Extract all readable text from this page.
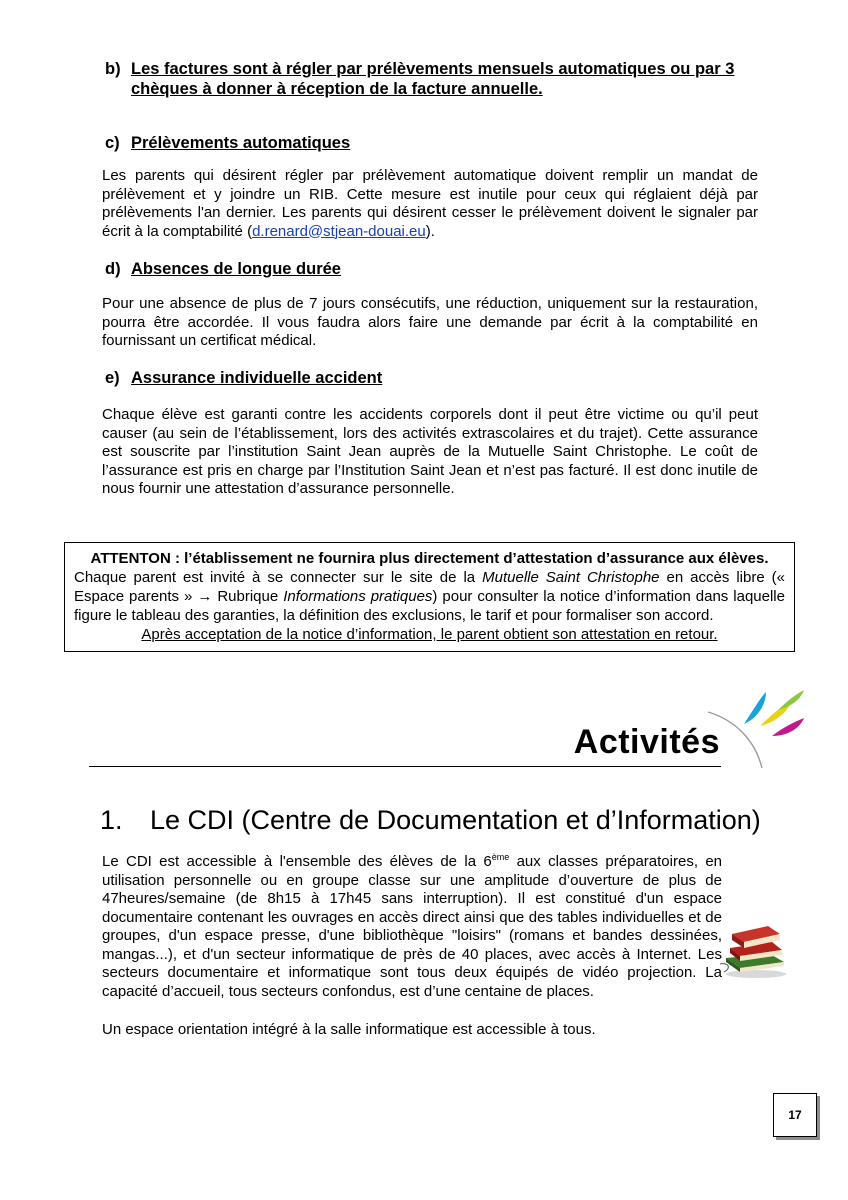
b) Les factures sont à régler par prélèvements mensuels automatiques ou par 3
chèques à donner à réception de la facture annuelle.
c) Prélèvements automatiques
Les parents qui désirent régler par prélèvement automatique doivent remplir un mandat de prélèvement et y joindre un RIB. Cette mesure est inutile pour ceux qui réglaient déjà par prélèvements l'an dernier. Les parents qui désirent cesser le prélèvement doivent le signaler par écrit à la comptabilité (d.renard@stjean-douai.eu).
d) Absences de longue durée
Pour une absence de plus de 7 jours consécutifs, une réduction, uniquement sur la restauration, pourra être accordée. Il vous faudra alors faire une demande par écrit à la comptabilité en fournissant un certificat médical.
e) Assurance individuelle accident
Chaque élève est garanti contre les accidents corporels dont il peut être victime ou qu’il peut causer (au sein de l’établissement, lors des activités extrascolaires et du trajet). Cette assurance est souscrite par l’institution Saint Jean auprès de la Mutuelle Saint Christophe. Le coût de l’assurance est pris en charge par l’Institution Saint Jean et n’est pas facturé. Il est donc inutile de nous fournir une attestation d’assurance personnelle.
ATTENTON : l’établissement ne fournira plus directement d’attestation d’assurance aux élèves.
Chaque parent est invité à se connecter sur le site de la Mutuelle Saint Christophe en accès libre (« Espace parents » → Rubrique Informations pratiques) pour consulter la notice d’information dans laquelle figure le tableau des garanties, la définition des exclusions, le tarif et pour formaliser son accord.
Après acceptation de la notice d’information, le parent obtient son attestation en retour.
Activités
1.	Le CDI (Centre de Documentation et d’Information)
Le CDI est accessible à l'ensemble des élèves de la 6ème aux classes préparatoires, en utilisation personnelle ou en groupe classe sur une amplitude d’ouverture de plus de 47heures/semaine (de 8h15 à 17h45 sans interruption). Il est constitué d'un espace documentaire contenant les ouvrages en accès direct ainsi que des tables individuelles et de groupes, d'un espace presse, d'une bibliothèque "loisirs" (romans et bandes dessinées, mangas...), et d'un secteur informatique de près de 40 places, avec accès à Internet. Les secteurs documentaire et informatique sont tous deux équipés de vidéo projection. La capacité d’accueil, tous secteurs confondus, est d’une centaine de places.
Un espace orientation intégré à la salle informatique est accessible à tous.
17
